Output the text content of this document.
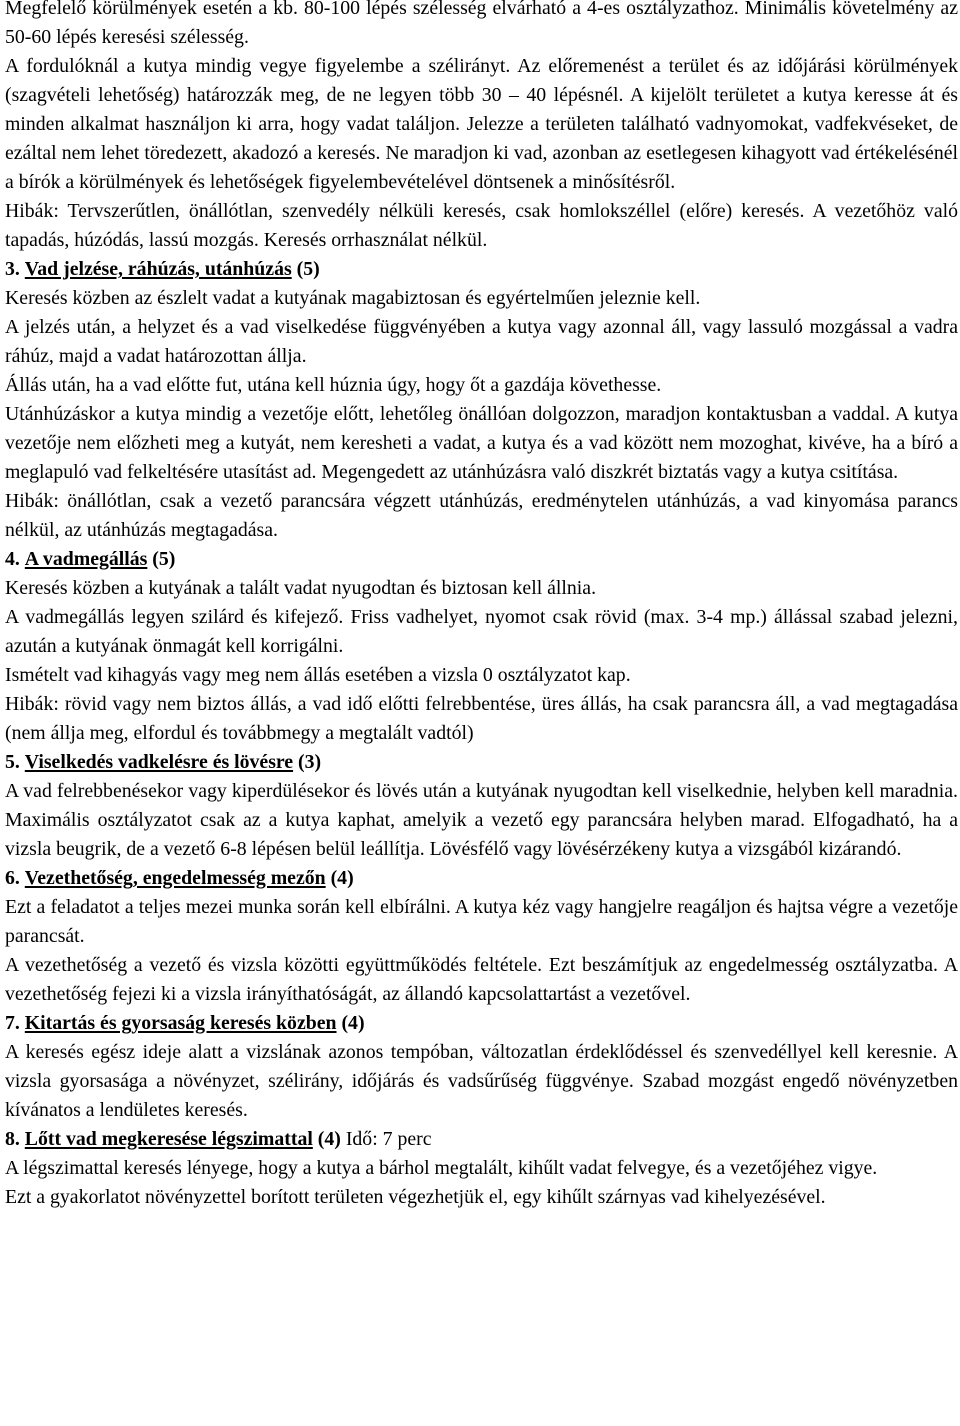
Megfelelő körülmények esetén a kb. 80-100 lépés szélesség elvárható a 4-es osztályzathoz. Minimális követelmény az 50-60 lépés keresési szélesség.

A fordulóknál a kutya mindig vegye figyelembe a szélirányt. Az előremenést a terület és az időjárási körülmények (szagvételi lehetőség) határozzák meg, de ne legyen több 30 – 40 lépésnél. A kijelölt területet a kutya keresse át és minden alkalmat használjon ki arra, hogy vadat találjon. Jelezze a területen található vadnyomokat, vadfekvéseket, de ezáltal nem lehet töredezett, akadozó a keresés. Ne maradjon ki vad, azonban az esetlegesen kihagyott vad értékelésénél a bírók a körülmények és lehetőségek figyelembevételével döntsenek a minősítésről.

Hibák: Tervszerűtlen, önállótlan, szenvedély nélküli keresés, csak homlokszéllel (előre) keresés. A vezetőhöz való tapadás, húzódás, lassú mozgás. Keresés orrhasználat nélkül.

3. Vad jelzése, ráhúzás, utánhúzás (5)

Keresés közben az észlelt vadat a kutyának magabiztosan és egyértelműen jeleznie kell.

A jelzés után, a helyzet és a vad viselkedése függvényében a kutya vagy azonnal áll, vagy lassuló mozgással a vadra ráhúz, majd a vadat határozottan állja.

Állás után, ha a vad előtte fut, utána kell húznia úgy, hogy őt a gazdája követhesse.

Utánhúzáskor a kutya mindig a vezetője előtt, lehetőleg önállóan dolgozzon, maradjon kontaktusban a vaddal. A kutya vezetője nem előzheti meg a kutyát, nem keresheti a vadat, a kutya és a vad között nem mozoghat, kivéve, ha a bíró a meglapuló vad felkeltésére utasítást ad. Megengedett az utánhúzásra való diszkrét biztatás vagy a kutya csitítása.

Hibák: önállótlan, csak a vezető parancsára végzett utánhúzás, eredménytelen utánhúzás, a vad kinyomása parancs nélkül, az utánhúzás megtagadása.

4. A vadmegállás (5)

Keresés közben a kutyának a talált vadat nyugodtan és biztosan kell állnia.

A vadmegállás legyen szilárd és kifejező. Friss vadhelyet, nyomot csak rövid (max. 3-4 mp.) állással szabad jelezni, azután a kutyának önmagát kell korrigálni.

Ismételt vad kihagyás vagy meg nem állás esetében a vizsla 0 osztályzatot kap.

Hibák: rövid vagy nem biztos állás, a vad idő előtti felrebbentése, üres állás, ha csak parancsra áll, a vad megtagadása (nem állja meg, elfordul és továbbmegy a megtalált vadtól)

5. Viselkedés vadkelésre és lövésre (3)

A vad felrebbenésekor vagy kiperdülésekor és lövés után a kutyának nyugodtan kell viselkednie, helyben kell maradnia. Maximális osztályzatot csak az a kutya kaphat, amelyik a vezető egy parancsára helyben marad. Elfogadható, ha a vizsla beugrik, de a vezető 6-8 lépésen belül leállítja. Lövésfélő vagy lövésérzékeny kutya a vizsgából kizárandó.

6. Vezethetőség, engedelmesség mezőn (4)

Ezt a feladatot a teljes mezei munka során kell elbírálni. A kutya kéz vagy hangjelre reagáljon és hajtsa végre a vezetője parancsát.

A vezethetőség a vezető és vizsla közötti együttműködés feltétele. Ezt beszámítjuk az engedelmesség osztályzatba. A vezethetőség fejezi ki a vizsla irányíthatóságát, az állandó kapcsolattartást a vezetővel.

7. Kitartás és gyorsaság keresés közben (4)

A keresés egész ideje alatt a vizslának azonos tempóban, változatlan érdeklődéssel és szenvedéllyel kell keresnie. A vizsla gyorsasága a növényzet, szélirány, időjárás és vadsűrűség függvénye. Szabad mozgást engedő növényzetben kívánatos a lendületes keresés.

8. Lőtt vad megkeresése légszimattal (4) Idő: 7 perc

A légszimattal keresés lényege, hogy a kutya a bárhol megtalált, kihűlt vadat felvegye, és a vezetőjéhez vigye.

Ezt a gyakorlatot növényzettel borított területen végezhetjük el, egy kihűlt szárnyas vad kihelyezésével.
